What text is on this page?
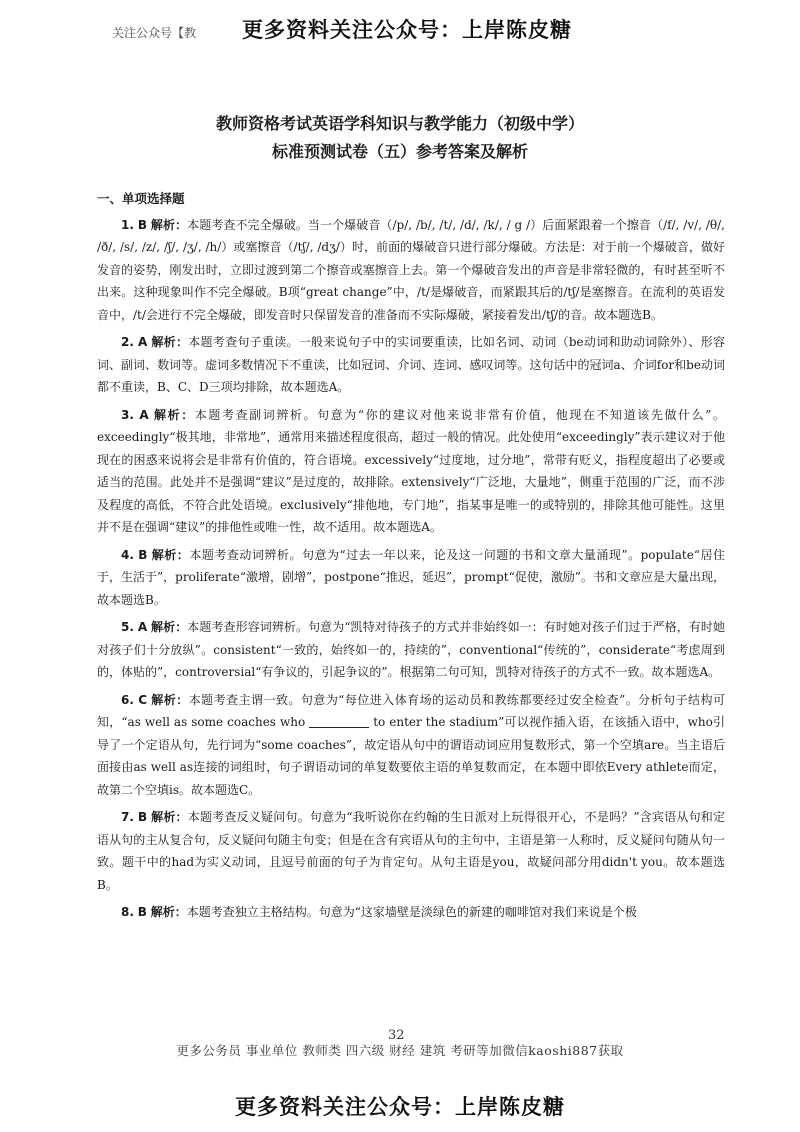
关注公众号【教 更多资料关注公众号：上岸陈皮糖
教师资格考试英语学科知识与教学能力（初级中学）
标准预测试卷（五）参考答案及解析
一、单项选择题

1. B 解析：本题考查不完全爆破。当一个爆破音（/p/, /b/, /t/, /d/, /k/, / g /）后面紧跟着一个擦音（/f/, /v/, /θ/, /ð/, /s/, /z/, /ʃ/, /ʒ/, /h/）或塞擦音（/tʃ/, /dʒ/）时，前面的爆破音只进行部分爆破。方法是：对于前一个爆破音，做好发音的姿势，刚发出时，立即过渡到第二个擦音或塞擦音上去。第一个爆破音发出的声音是非常轻微的，有时甚至听不出来。这种现象叫作不完全爆破。B项“great change”中，/t/是爆破音，而紧跟其后的/tʃ/是塞擦音。在流利的英语发音中，/t/会进行不完全爆破，即发音时只保留发音的准备而不实际爆破，紧接着发出/tʃ/的音。故本题选B。

2. A 解析：本题考查句子重读。一般来说句子中的实词要重读，比如名词、动词（be动词和助动词除外）、形容词、副词、数词等。虚词多数情况下不重读，比如冠词、介词、连词、感叹词等。这句话中的冠词a、介词for和be动词都不重读，B、C、D三项均排除，故本题选A。

3. A 解析：本题考查副词辨析。句意为“你的建议对他来说非常有价值，他现在不知道该先做什么”。exceedingly“极其地，非常地”，通常用来描述程度很高，超过一般的情况。此处使用“exceedingly”表示建议对于他现在的困惑来说将会是非常有价值的，符合语境。excessively“过度地，过分地”，常带有贬义，指程度超出了必要或适当的范围。此处并不是强调“建议”是过度的，故排除。extensively“广泛地，大量地”，侧重于范围的广泛，而不涉及程度的高低，不符合此处语境。exclusively“排他地，专门地”，指某事是唯一的或特别的，排除其他可能性。这里并不是在强调“建议”的排他性或唯一性，故不适用。故本题选A。

4. B 解析：本题考查动词辨析。句意为“过去一年以来，论及这一问题的书和文章大量涌现”。populate“居住于，生活于”，proliferate“激增，剧增”，postpone“推迟，延迟”，prompt“促使，激励”。书和文章应是大量出现，故本题选B。

5. A 解析：本题考查形容词辨析。句意为“凯特对待孩子的方式并非始终如一：有时她对孩子们过于严格，有时她对孩子们十分放纵”。consistent“一致的，始终如一的，持续的”，conventional“传统的”，considerate“考虑周到的，体贴的”，controversial“有争议的，引起争议的”。根据第二句可知，凯特对待孩子的方式不一致。故本题选A。

6. C 解析：本题考查主谓一致。句意为“每位进入体育场的运动员和教练都要经过安全检查”。分析句子结构可知，“as well as some coaches who	to enter the stadium”可以视作插入语，在该插入语中，who引导了一个定语从句，先行词为“some coaches”，故定语从句中的谓语动词应用复数形式，第一个空填are。当主语后面接由as well as连接的词组时，句子谓语动词的单复数要依主语的单复数而定，在本题中即依Every athlete而定，故第二个空填is。故本题选C。

7. B 解析：本题考查反义疑问句。句意为“我听说你在约翰的生日派对上玩得很开心，不是吗？”含宾语从句和定语从句的主从复合句，反义疑问句随主句变；但是在含有宾语从句的主句中，主语是第一人称时，反义疑问句随从句一致。题干中的had为实义动词，且逗号前面的句子为肯定句。从句主语是you，故疑问部分用didn't you。故本题选B。

8. B 解析：本题考查独立主格结构。句意为“这家墙壁是淡绿色的新建的咖啡馆对我们来说是个极

32
更多公务员 事业单位 教师类 四六级 财经 建筑 考研等加微信kaoshi887获取
更多资料关注公众号：上岸陈皮糖
